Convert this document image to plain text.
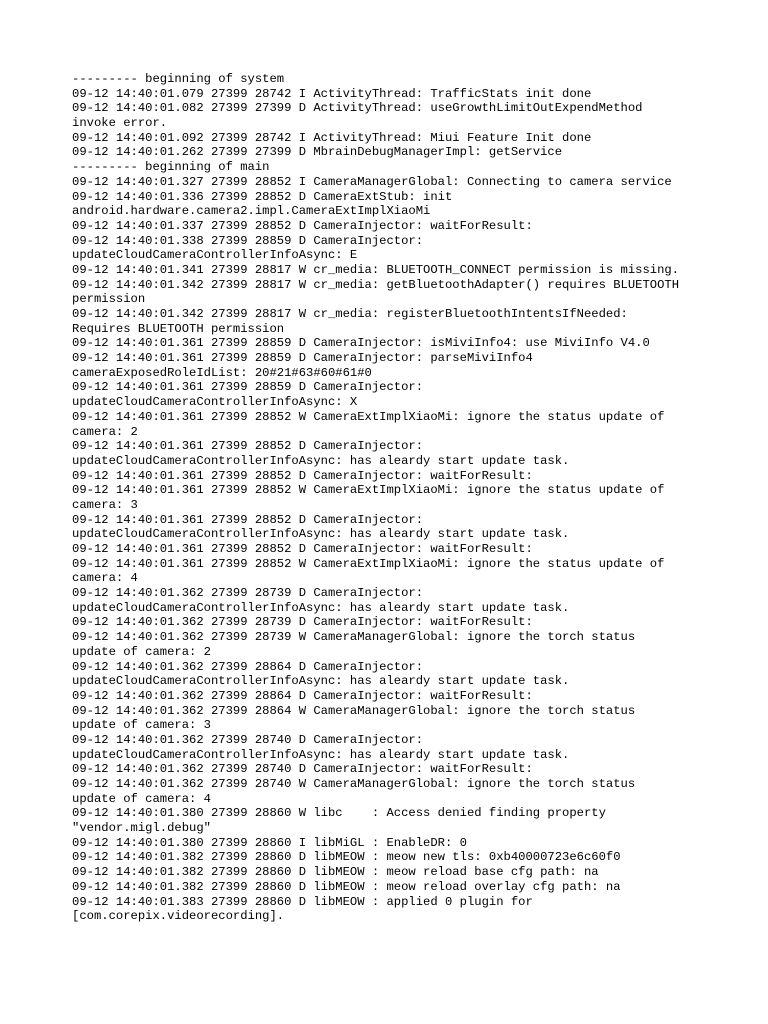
--------- beginning of system
09-12 14:40:01.079 27399 28742 I ActivityThread: TrafficStats init done
09-12 14:40:01.082 27399 27399 D ActivityThread: useGrowthLimitOutExpendMethod
invoke error.
09-12 14:40:01.092 27399 28742 I ActivityThread: Miui Feature Init done
09-12 14:40:01.262 27399 27399 D MbrainDebugManagerImpl: getService
--------- beginning of main
09-12 14:40:01.327 27399 28852 I CameraManagerGlobal: Connecting to camera service
09-12 14:40:01.336 27399 28852 D CameraExtStub: init
android.hardware.camera2.impl.CameraExtImplXiaoMi
09-12 14:40:01.337 27399 28852 D CameraInjector: waitForResult:
09-12 14:40:01.338 27399 28859 D CameraInjector:
updateCloudCameraControllerInfoAsync: E
09-12 14:40:01.341 27399 28817 W cr_media: BLUETOOTH_CONNECT permission is missing.
09-12 14:40:01.342 27399 28817 W cr_media: getBluetoothAdapter() requires BLUETOOTH
permission
09-12 14:40:01.342 27399 28817 W cr_media: registerBluetoothIntentsIfNeeded:
Requires BLUETOOTH permission
09-12 14:40:01.361 27399 28859 D CameraInjector: isMiviInfo4: use MiviInfo V4.0
09-12 14:40:01.361 27399 28859 D CameraInjector: parseMiviInfo4
cameraExposedRoleIdList: 20#21#63#60#61#0
09-12 14:40:01.361 27399 28859 D CameraInjector:
updateCloudCameraControllerInfoAsync: X
09-12 14:40:01.361 27399 28852 W CameraExtImplXiaoMi: ignore the status update of
camera: 2
09-12 14:40:01.361 27399 28852 D CameraInjector:
updateCloudCameraControllerInfoAsync: has aleardy start update task.
09-12 14:40:01.361 27399 28852 D CameraInjector: waitForResult:
09-12 14:40:01.361 27399 28852 W CameraExtImplXiaoMi: ignore the status update of
camera: 3
09-12 14:40:01.361 27399 28852 D CameraInjector:
updateCloudCameraControllerInfoAsync: has aleardy start update task.
09-12 14:40:01.361 27399 28852 D CameraInjector: waitForResult:
09-12 14:40:01.361 27399 28852 W CameraExtImplXiaoMi: ignore the status update of
camera: 4
09-12 14:40:01.362 27399 28739 D CameraInjector:
updateCloudCameraControllerInfoAsync: has aleardy start update task.
09-12 14:40:01.362 27399 28739 D CameraInjector: waitForResult:
09-12 14:40:01.362 27399 28739 W CameraManagerGlobal: ignore the torch status
update of camera: 2
09-12 14:40:01.362 27399 28864 D CameraInjector:
updateCloudCameraControllerInfoAsync: has aleardy start update task.
09-12 14:40:01.362 27399 28864 D CameraInjector: waitForResult:
09-12 14:40:01.362 27399 28864 W CameraManagerGlobal: ignore the torch status
update of camera: 3
09-12 14:40:01.362 27399 28740 D CameraInjector:
updateCloudCameraControllerInfoAsync: has aleardy start update task.
09-12 14:40:01.362 27399 28740 D CameraInjector: waitForResult:
09-12 14:40:01.362 27399 28740 W CameraManagerGlobal: ignore the torch status
update of camera: 4
09-12 14:40:01.380 27399 28860 W libc    : Access denied finding property
"vendor.migl.debug"
09-12 14:40:01.380 27399 28860 I libMiGL : EnableDR: 0
09-12 14:40:01.382 27399 28860 D libMEOW : meow new tls: 0xb40000723e6c60f0
09-12 14:40:01.382 27399 28860 D libMEOW : meow reload base cfg path: na
09-12 14:40:01.382 27399 28860 D libMEOW : meow reload overlay cfg path: na
09-12 14:40:01.383 27399 28860 D libMEOW : applied 0 plugin for
[com.corepix.videorecording].
